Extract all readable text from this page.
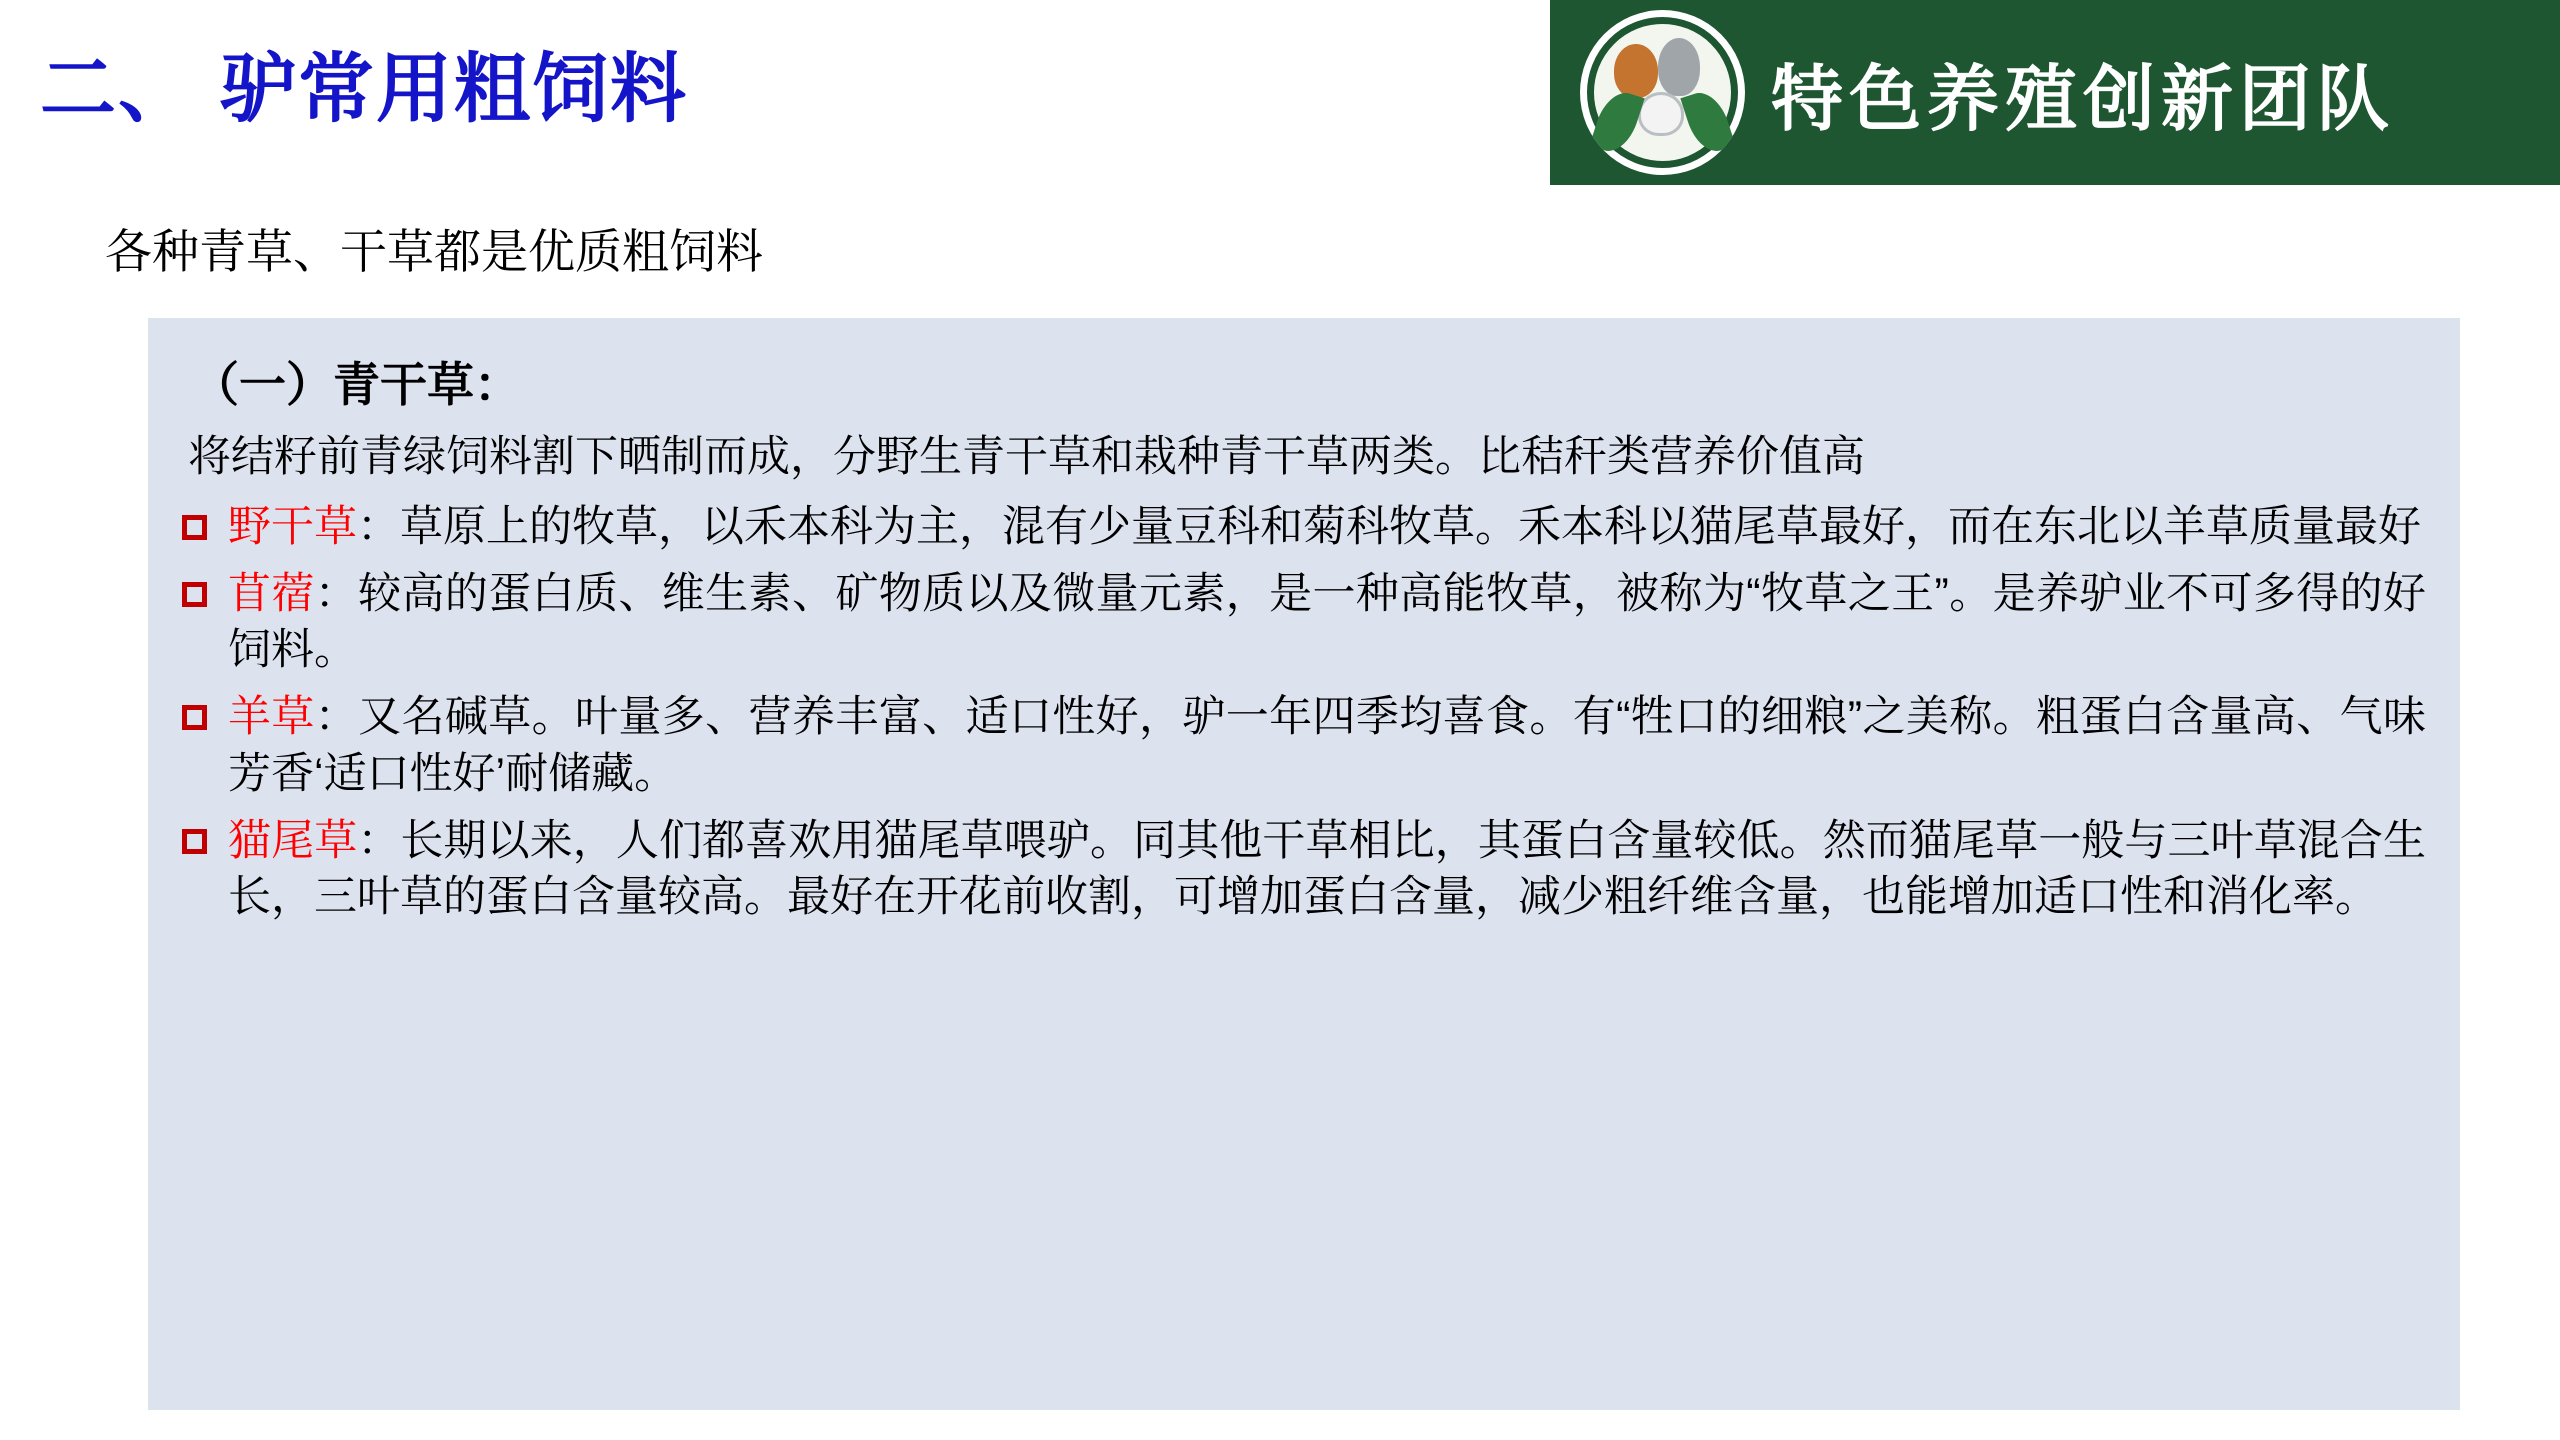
二、 驴常用粗饲料	特色养殖创新团队
各种青草、干草都是优质粗饲料
（一）青干草：
将结籽前青绿饲料割下晒制而成，分野生青干草和栽种青干草两类。比秸秆类营养价值高
野干草：草原上的牧草，以禾本科为主，混有少量豆科和菊科牧草。禾本科以猫尾草最好，而在东北以羊草质量最好
苜蓿：较高的蛋白质、维生素、矿物质以及微量元素，是一种高能牧草，被称为“牧草之王”。是养驴业不可多得的好饲料。
羊草：又名碱草。叶量多、营养丰富、适口性好，驴一年四季均喜食。有“牲口的细粮”之美称。粗蛋白含量高、气味芳香‘适口性好’耐储藏。
猫尾草：长期以来，人们都喜欢用猫尾草喂驴。同其他干草相比，其蛋白含量较低。然而猫尾草一般与三叶草混合生长，三叶草的蛋白含量较高。最好在开花前收割，可增加蛋白含量，减少粗纤维含量，也能增加适口性和消化率。
